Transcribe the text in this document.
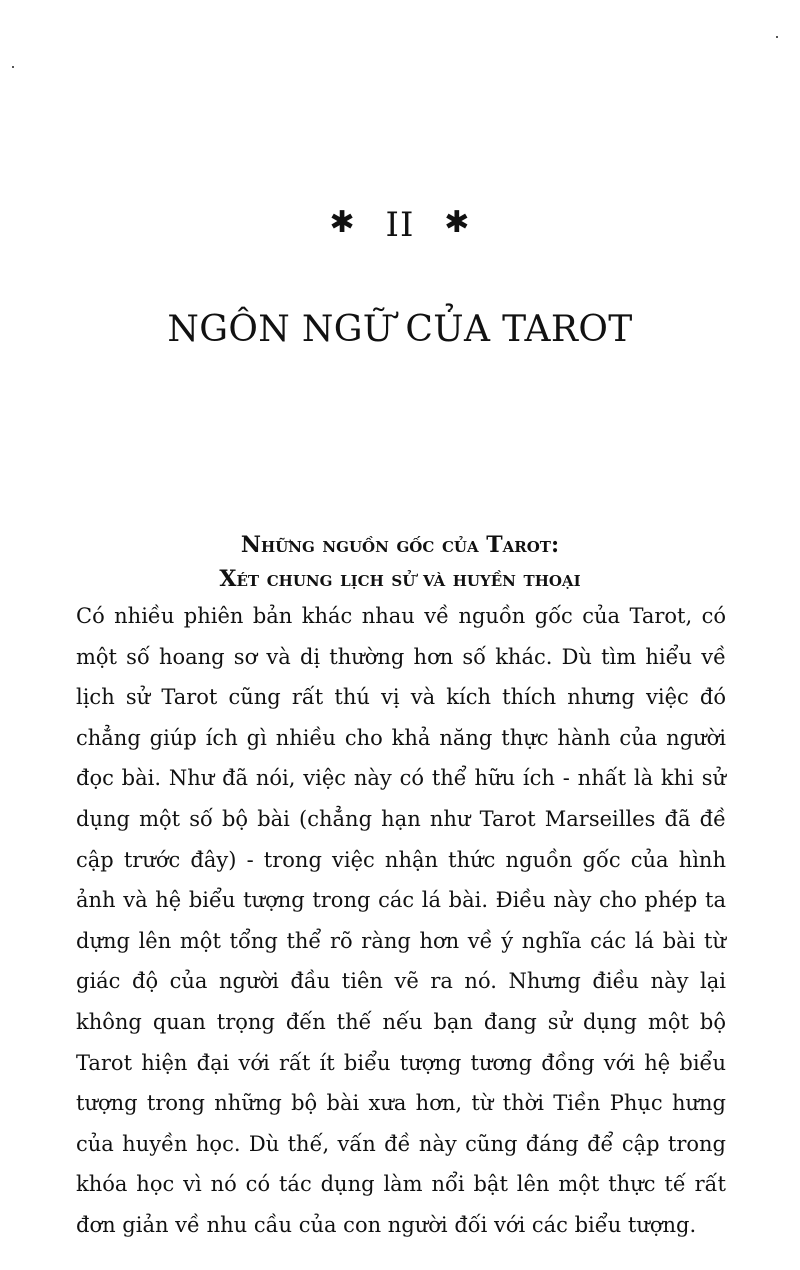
✱ II ✱
NGÔN NGỮ CỦA TAROT
Những nguồn gốc của Tarot:
Xét chung lịch sử và huyền thoại

Có nhiều phiên bản khác nhau về nguồn gốc của Tarot, có một số hoang sơ và dị thường hơn số khác. Dù tìm hiểu về lịch sử Tarot cũng rất thú vị và kích thích nhưng việc đó chẳng giúp ích gì nhiều cho khả năng thực hành của người đọc bài. Như đã nói, việc này có thể hữu ích - nhất là khi sử dụng một số bộ bài (chẳng hạn như Tarot Marseilles đã đề cập trước đây) - trong việc nhận thức nguồn gốc của hình ảnh và hệ biểu tượng trong các lá bài. Điều này cho phép ta dựng lên một tổng thể rõ ràng hơn về ý nghĩa các lá bài từ giác độ của người đầu tiên vẽ ra nó. Nhưng điều này lại không quan trọng đến thế nếu bạn đang sử dụng một bộ Tarot hiện đại với rất ít biểu tượng tương đồng với hệ biểu tượng trong những bộ bài xưa hơn, từ thời Tiền Phục hưng của huyền học. Dù thế, vấn đề này cũng đáng để cập trong khóa học vì nó có tác dụng làm nổi bật lên một thực tế rất đơn giản về nhu cầu của con người đối với các biểu tượng.
